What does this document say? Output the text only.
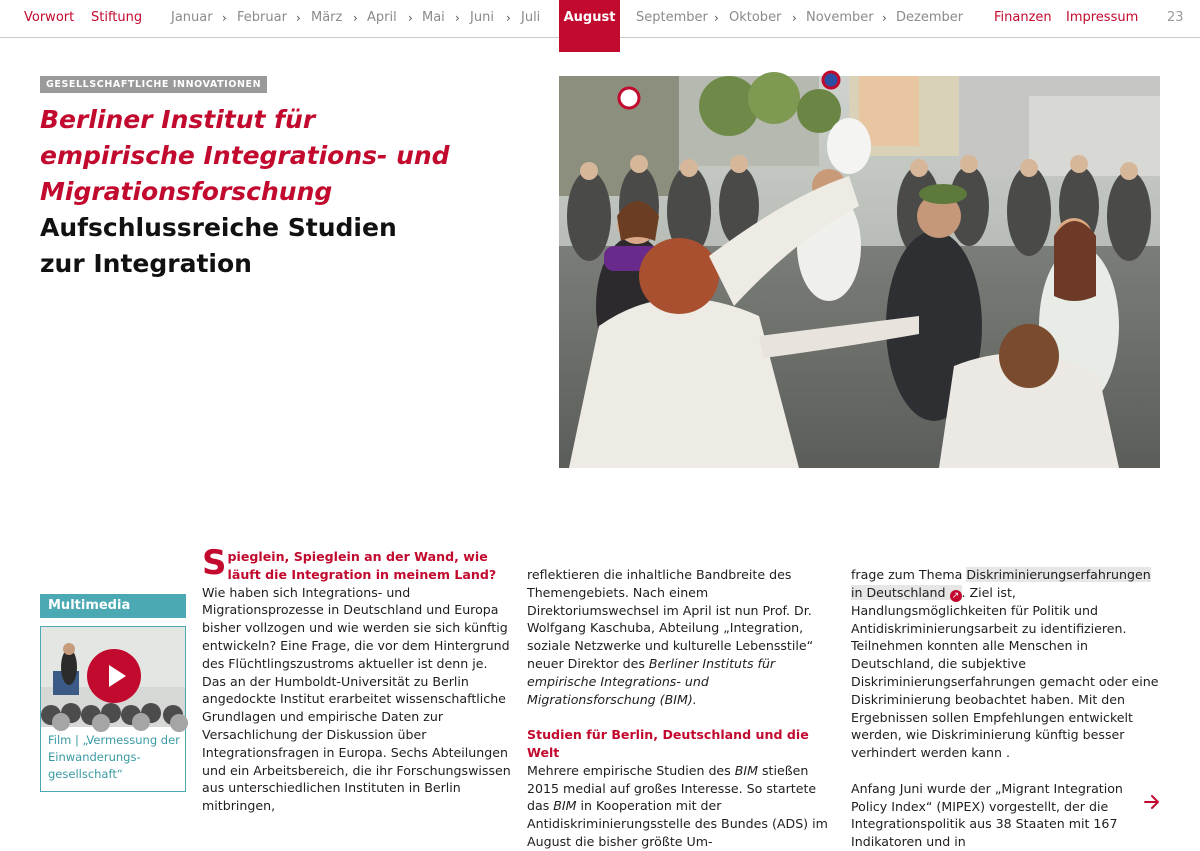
Vorwort Stiftung Januar › Februar › März › April › Mai › Juni › Juli	August	September › Oktober › November › Dezember Finanzen Impressum 23
GESELLSCHAFTLICHE INNOVATIONEN
Berliner Institut für
empirische Integrations- und
Migrationsforschung
Aufschlussreiche Studien
zur Integration
Multimedia
Film | „Vermessung der Einwanderungs-gesellschaft“
Spieglein, Spieglein an der Wand, wie läuft die Integration in meinem Land?
Wie haben sich Integrations- und Migrationsprozesse in Deutschland und Europa bisher vollzogen und wie werden sie sich künftig entwickeln? Eine Frage, die vor dem Hintergrund des Flüchtlingszustroms aktueller ist denn je. Das an der Humboldt-Universität zu Berlin angedockte Institut erarbeitet wissenschaftliche Grundlagen und empirische Daten zur Versachlichung der Diskussion über Integrationsfragen in Europa. Sechs Abteilungen und ein Arbeitsbereich, die ihr Forschungswissen aus unterschiedlichen Instituten in Berlin mitbringen,
reflektieren die inhaltliche Bandbreite des Themengebiets. Nach einem Direktoriumswechsel im April ist nun Prof. Dr. Wolfgang Kaschuba, Abteilung „Integration, soziale Netzwerke und kulturelle Lebensstile“ neuer Direktor des Berliner Instituts für empirische Integrations- und Migrationsforschung (BIM).

Studien für Berlin, Deutschland und die Welt

Mehrere empirische Studien des BIM stießen 2015 medial auf großes Interesse. So startete das BIM in Kooperation mit der Antidiskriminierungsstelle des Bundes (ADS) im August die bisher größte Um-
frage zum Thema Diskriminierungserfahrungen in Deutschland ↗ . Ziel ist, Handlungsmöglichkeiten für Politik und Antidiskriminierungsarbeit zu identifizieren. Teilnehmen konnten alle Menschen in Deutschland, die subjektive Diskriminierungserfahrungen gemacht oder eine Diskriminierung beobachtet haben. Mit den Ergebnissen sollen Empfehlungen entwickelt werden, wie Diskriminierung künftig besser verhindert werden kann .

Anfang Juni wurde der „Migrant Integration Policy Index“ (MIPEX) vorgestellt, der die Integrationspolitik aus 38 Staaten mit 167 Indikatoren und in
